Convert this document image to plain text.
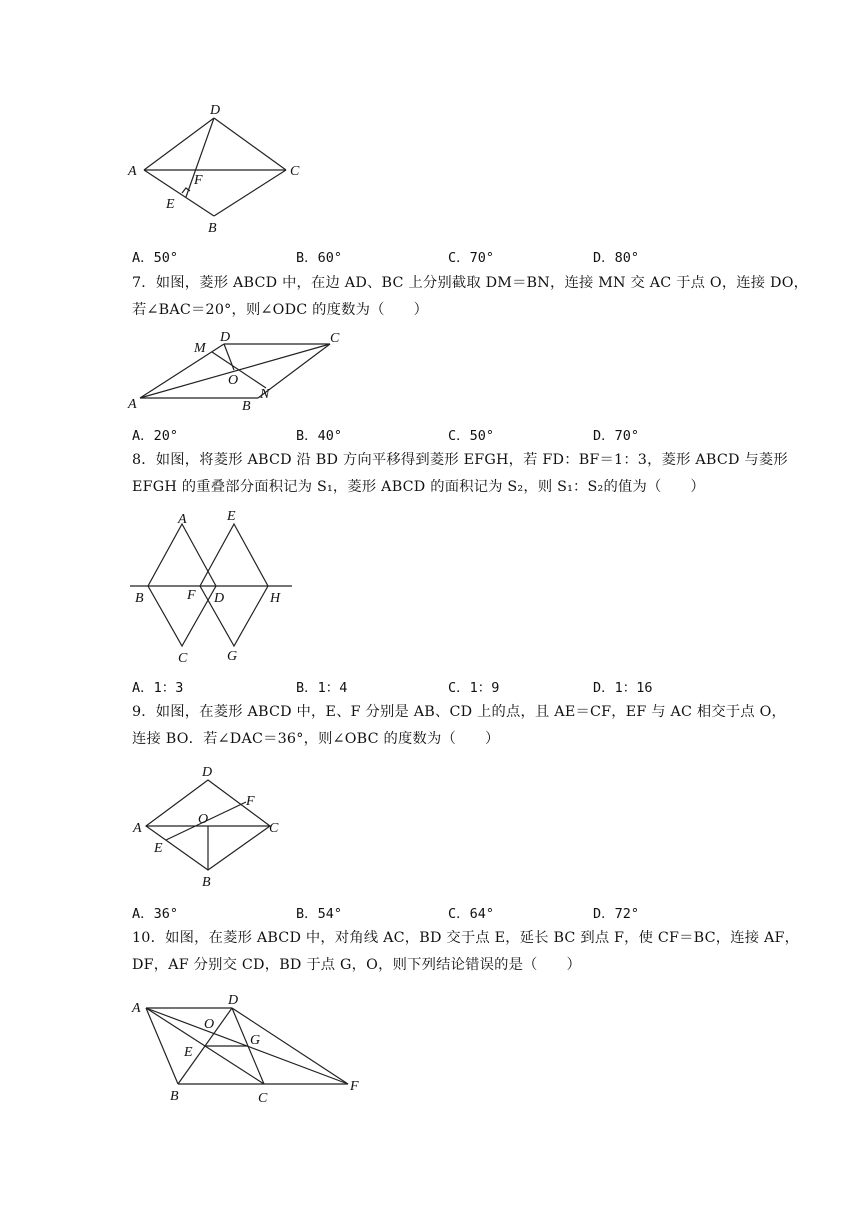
D
A
F
C
E
B
A．50°	B．60°	C．70°	D．80°
7．如图，菱形 ABCD 中，在边 AD、BC 上分别截取 DM＝BN，连接 MN 交 AC 于点 O，连接 DO，
若∠BAC＝20°，则∠ODC 的度数为（　　）
M
D	C
O
A	B
N
A．20°	B．40°	C．50°	D．70°
8．如图，将菱形 ABCD 沿 BD 方向平移得到菱形 EFGH，若 FD：BF＝1：3，菱形 ABCD 与菱形
EFGH 的重叠部分面积记为 S₁，菱形 ABCD 的面积记为 S₂，则 S₁：S₂的值为（　　）
A	E
B	F D	H
C	G
A．1：3	B．1：4	C．1：9	D．1：16
9．如图，在菱形 ABCD 中，E、F 分别是 AB、CD 上的点，且 AE＝CF，EF 与 AC 相交于点 O，
连接 BO．若∠DAC＝36°，则∠OBC 的度数为（　　）
D
F
A
O
C
E
B
A．36°	B．54°	C．64°	D．72°
10．如图，在菱形 ABCD 中，对角线 AC，BD 交于点 E，延长 BC 到点 F，使 CF＝BC，连接 AF，
DF，AF 分别交 CD，BD 于点 G，O，则下列结论错误的是（　　）
A
D
O
G
E
F
B	C
